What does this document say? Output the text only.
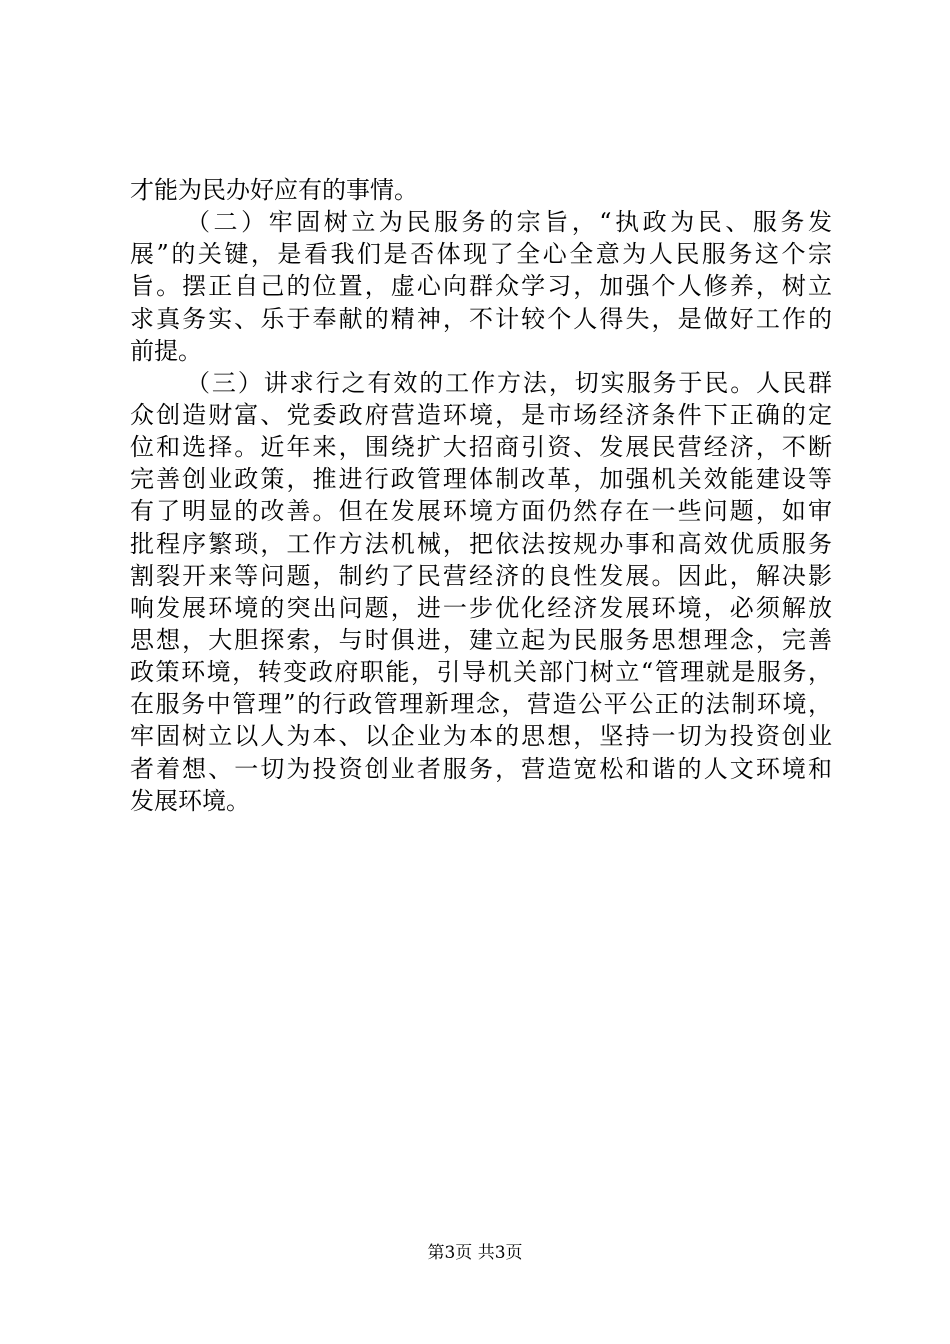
才能为民办好应有的事情。
（二）牢固树立为民服务的宗旨，“执政为民、服务发
展”的关键，是看我们是否体现了全心全意为人民服务这个宗
旨。摆正自己的位置，虚心向群众学习，加强个人修养，树立
求真务实、乐于奉献的精神，不计较个人得失，是做好工作的
前提。
（三）讲求行之有效的工作方法，切实服务于民。人民群
众创造财富、党委政府营造环境，是市场经济条件下正确的定
位和选择。近年来，围绕扩大招商引资、发展民营经济，不断
完善创业政策，推进行政管理体制改革，加强机关效能建设等
有了明显的改善。但在发展环境方面仍然存在一些问题，如审
批程序繁琐，工作方法机械，把依法按规办事和高效优质服务
割裂开来等问题，制约了民营经济的良性发展。因此，解决影
响发展环境的突出问题，进一步优化经济发展环境，必须解放
思想，大胆探索，与时俱进，建立起为民服务思想理念，完善
政策环境，转变政府职能，引导机关部门树立“管理就是服务，
在服务中管理”的行政管理新理念，营造公平公正的法制环境，
牢固树立以人为本、以企业为本的思想，坚持一切为投资创业
者着想、一切为投资创业者服务，营造宽松和谐的人文环境和
发展环境。
第3页 共3页
